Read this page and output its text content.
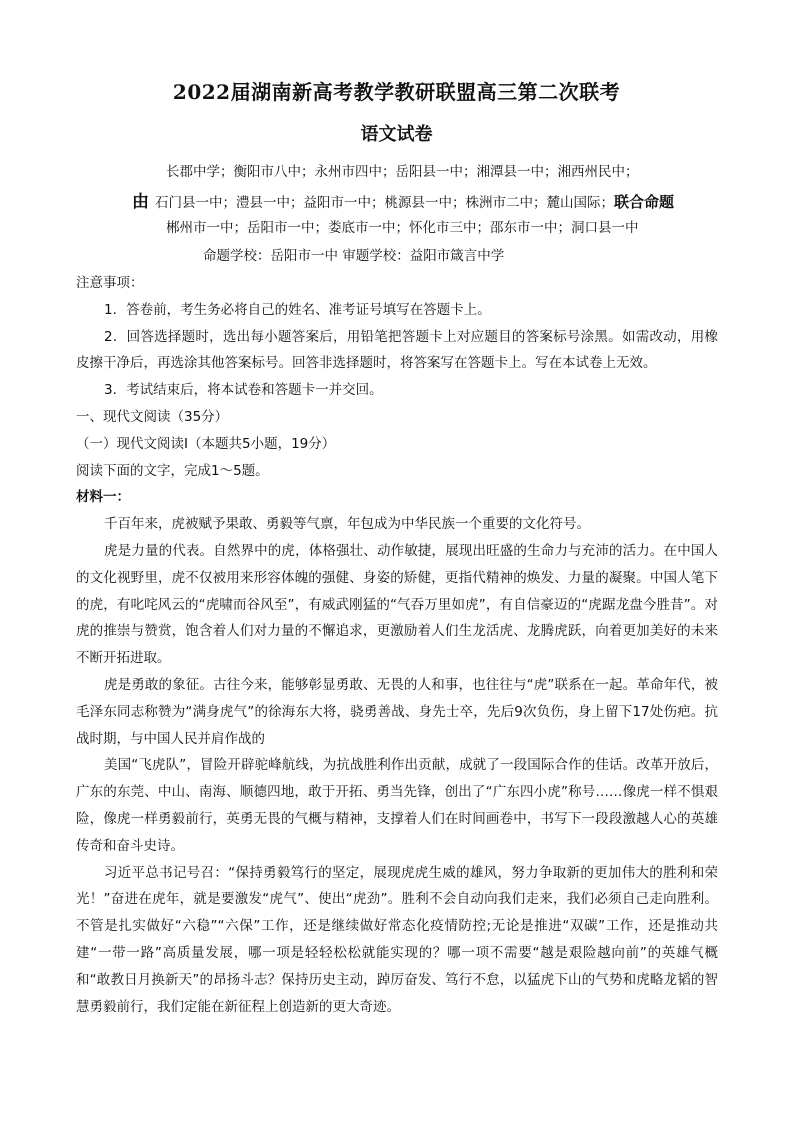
2022届湖南新高考教学教研联盟高三第二次联考
语文试卷
长郡中学；衡阳市八中；永州市四中；岳阳县一中；湘潭县一中；湘西州民中；
由 石门县一中；澧县一中；益阳市一中；桃源县一中；株洲市二中；麓山国际；联合命题
郴州市一中；岳阳市一中；娄底市一中；怀化市三中；邵东市一中；洞口县一中
命题学校：岳阳市一中 审题学校：益阳市箴言中学

注意事项：

1．答卷前，考生务必将自己的姓名、准考证号填写在答题卡上。

2．回答选择题时，选出每小题答案后，用铅笔把答题卡上对应题目的答案标号涂黑。如需改动，用橡皮擦干净后，再选涂其他答案标号。回答非选择题时，将答案写在答题卡上。写在本试卷上无效。

3．考试结束后，将本试卷和答题卡一并交回。

一、现代文阅读（35分）

（一）现代文阅读Ⅰ（本题共5小题，19分）

阅读下面的文字，完成1～5题。

材料一：

千百年来，虎被赋予果敢、勇毅等气禀，年包成为中华民族一个重要的文化符号。

虎是力量的代表。自然界中的虎，体格强壮、动作敏捷，展现出旺盛的生命力与充沛的活力。在中国人的文化视野里，虎不仅被用来形容体魄的强健、身姿的矫健，更指代精神的焕发、力量的凝聚。中国人笔下的虎，有叱咤风云的“虎啸而谷风至”，有威武刚猛的“气吞万里如虎”，有自信豪迈的“虎踞龙盘今胜昔”。对虎的推崇与赞赏，饱含着人们对力量的不懈追求，更激励着人们生龙活虎、龙腾虎跃，向着更加美好的未来不断开拓进取。

虎是勇敢的象征。古往今来，能够彰显勇敢、无畏的人和事，也往往与“虎”联系在一起。革命年代，被毛泽东同志称赞为“满身虎气”的徐海东大将，骁勇善战、身先士卒，先后9次负伤，身上留下17处伤疤。抗战时期，与中国人民并肩作战的

美国“飞虎队”，冒险开辟驼峰航线，为抗战胜利作出贡献，成就了一段国际合作的佳话。改革开放后，广东的东莞、中山、南海、顺德四地，敢于开拓、勇当先锋，创出了“广东四小虎”称号……像虎一样不惧艰险，像虎一样勇毅前行，英勇无畏的气概与精神，支撑着人们在时间画卷中，书写下一段段激越人心的英雄传奇和奋斗史诗。

习近平总书记号召：“保持勇毅笃行的坚定，展现虎虎生威的雄风，努力争取新的更加伟大的胜利和荣光！”奋进在虎年，就是要激发“虎气”、使出“虎劲”。胜利不会自动向我们走来，我们必须自己走向胜利。不管是扎实做好“六稳”“六保”工作，还是继续做好常态化疫情防控;无论是推进“双碳”工作，还是推动共建“一带一路”高质量发展，哪一项是轻轻松松就能实现的？哪一项不需要“越是艰险越向前”的英雄气概和“敢教日月换新天”的昂扬斗志？保持历史主动，踔厉奋发、笃行不怠，以猛虎下山的气势和虎略龙韬的智慧勇毅前行，我们定能在新征程上创造新的更大奇迹。
